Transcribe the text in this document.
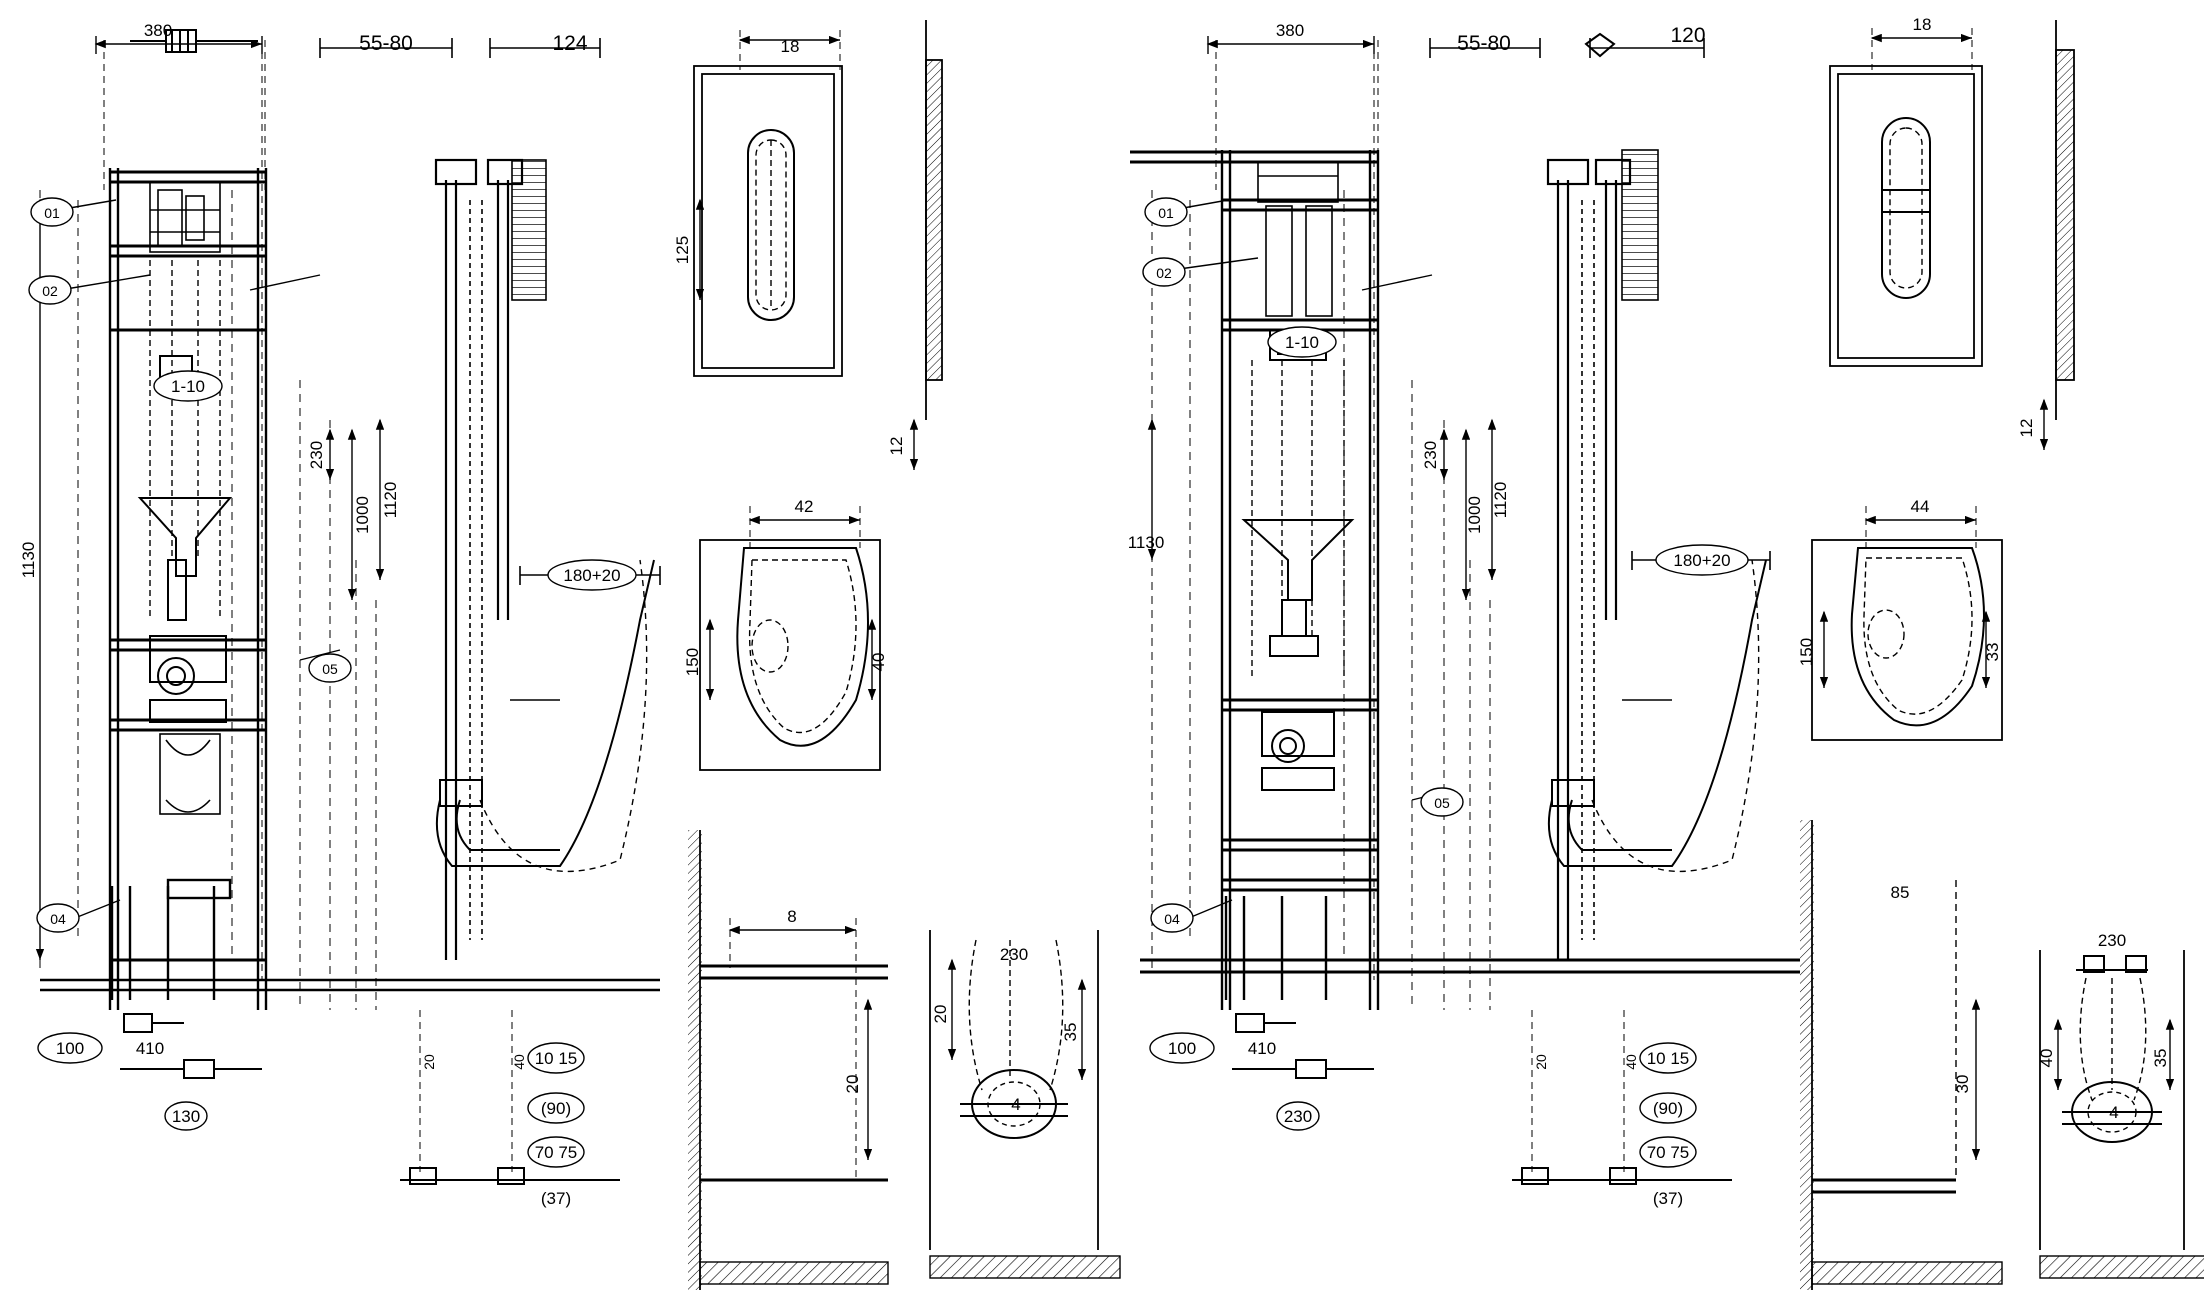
380
55-80	124
1130
1120
1000
230
01
02
04
05
1-10
100	410
130
180+20
10 15
(90)
70 75
(37)
20	40
18
125
12
42
150	40
8
20
20
35
4
230
380
55-80	120
1130
1120
1000
230
01
02
04
05
1-10
100	410
230
180+20
10 15
(90)
70 75
(37)
20	40
18
12
44
150	33
85
30
40	35
4
230
